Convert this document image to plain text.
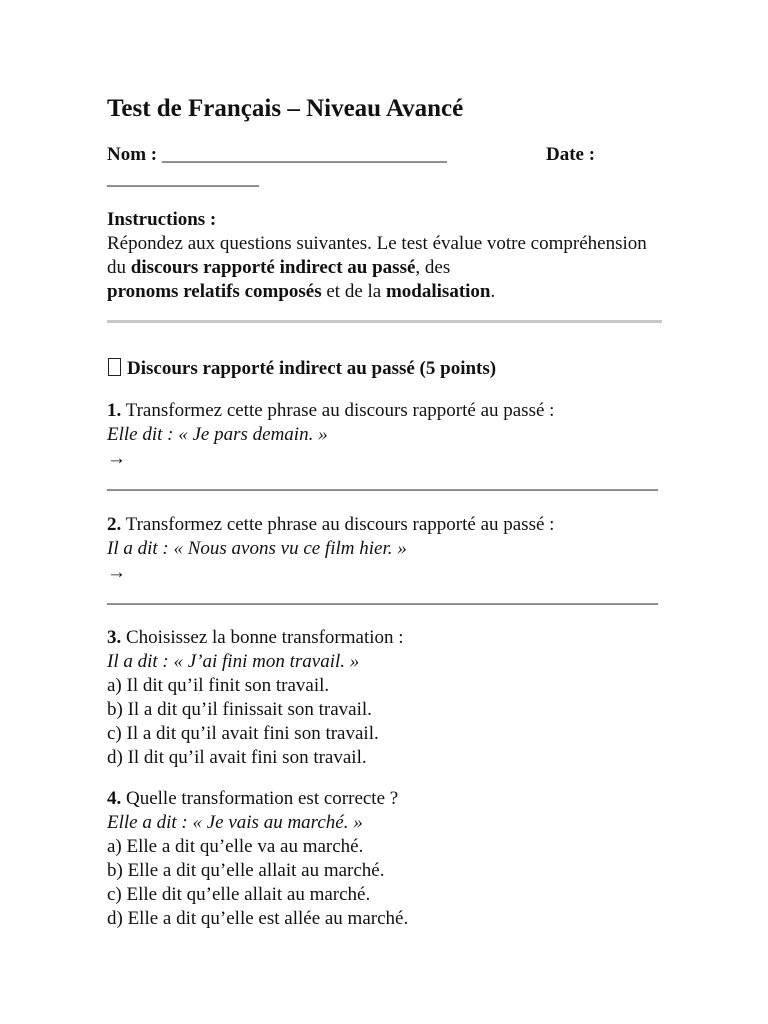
Test de Français – Niveau Avancé
Nom : ______________________________	Date :
________________
Instructions :
Répondez aux questions suivantes. Le test évalue votre compréhension du discours rapporté indirect au passé, des
pronoms relatifs composés et de la modalisation.
Discours rapporté indirect au passé (5 points)
1. Transformez cette phrase au discours rapporté au passé :
Elle dit : « Je pars demain. »
→
__________________________________________________________
2. Transformez cette phrase au discours rapporté au passé :
Il a dit : « Nous avons vu ce film hier. »
→
__________________________________________________________
3. Choisissez la bonne transformation :
Il a dit : « J’ai fini mon travail. »
a) Il dit qu’il finit son travail.
b) Il a dit qu’il finissait son travail.
c) Il a dit qu’il avait fini son travail.
d) Il dit qu’il avait fini son travail.
4. Quelle transformation est correcte ?
Elle a dit : « Je vais au marché. »
a) Elle a dit qu’elle va au marché.
b) Elle a dit qu’elle allait au marché.
c) Elle dit qu’elle allait au marché.
d) Elle a dit qu’elle est allée au marché.
